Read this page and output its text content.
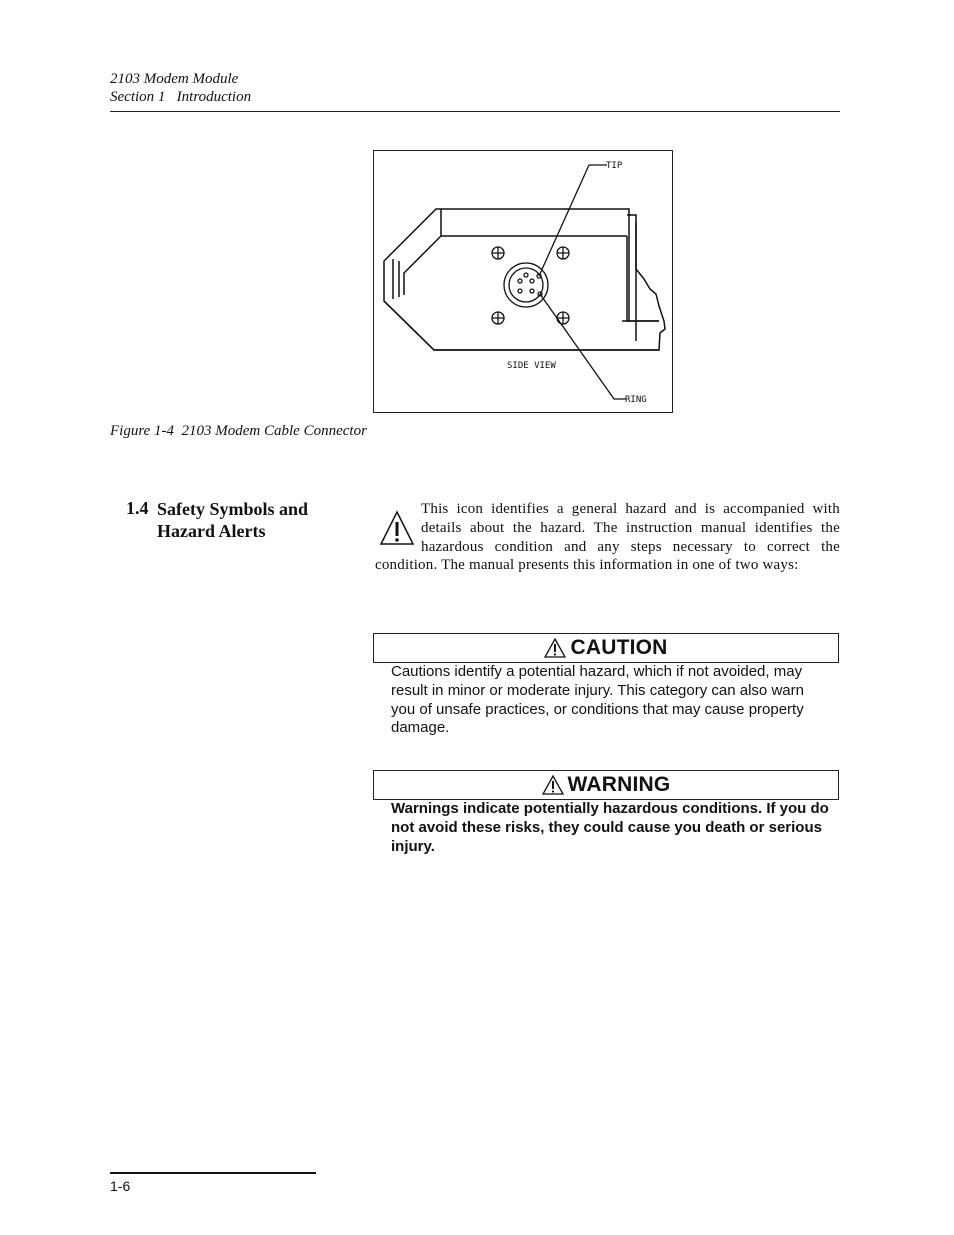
2103 Modem Module
Section 1   Introduction
TIP
RING
SIDE VIEW
Figure 1-4  2103 Modem Cable Connector
1.4 Safety Symbols and Hazard Alerts
This icon identifies a general hazard and is accompanied with details about the hazard. The instruction manual identifies the hazardous condition and any steps necessary to correct the condition. The manual presents this information in one of two ways:
CAUTION
Cautions identify a potential hazard, which if not avoided, may result in minor or moderate injury. This category can also warn you of unsafe practices, or conditions that may cause property damage.
WARNING
Warnings indicate potentially hazardous conditions. If you do not avoid these risks, they could cause you death or serious injury.
1-6
